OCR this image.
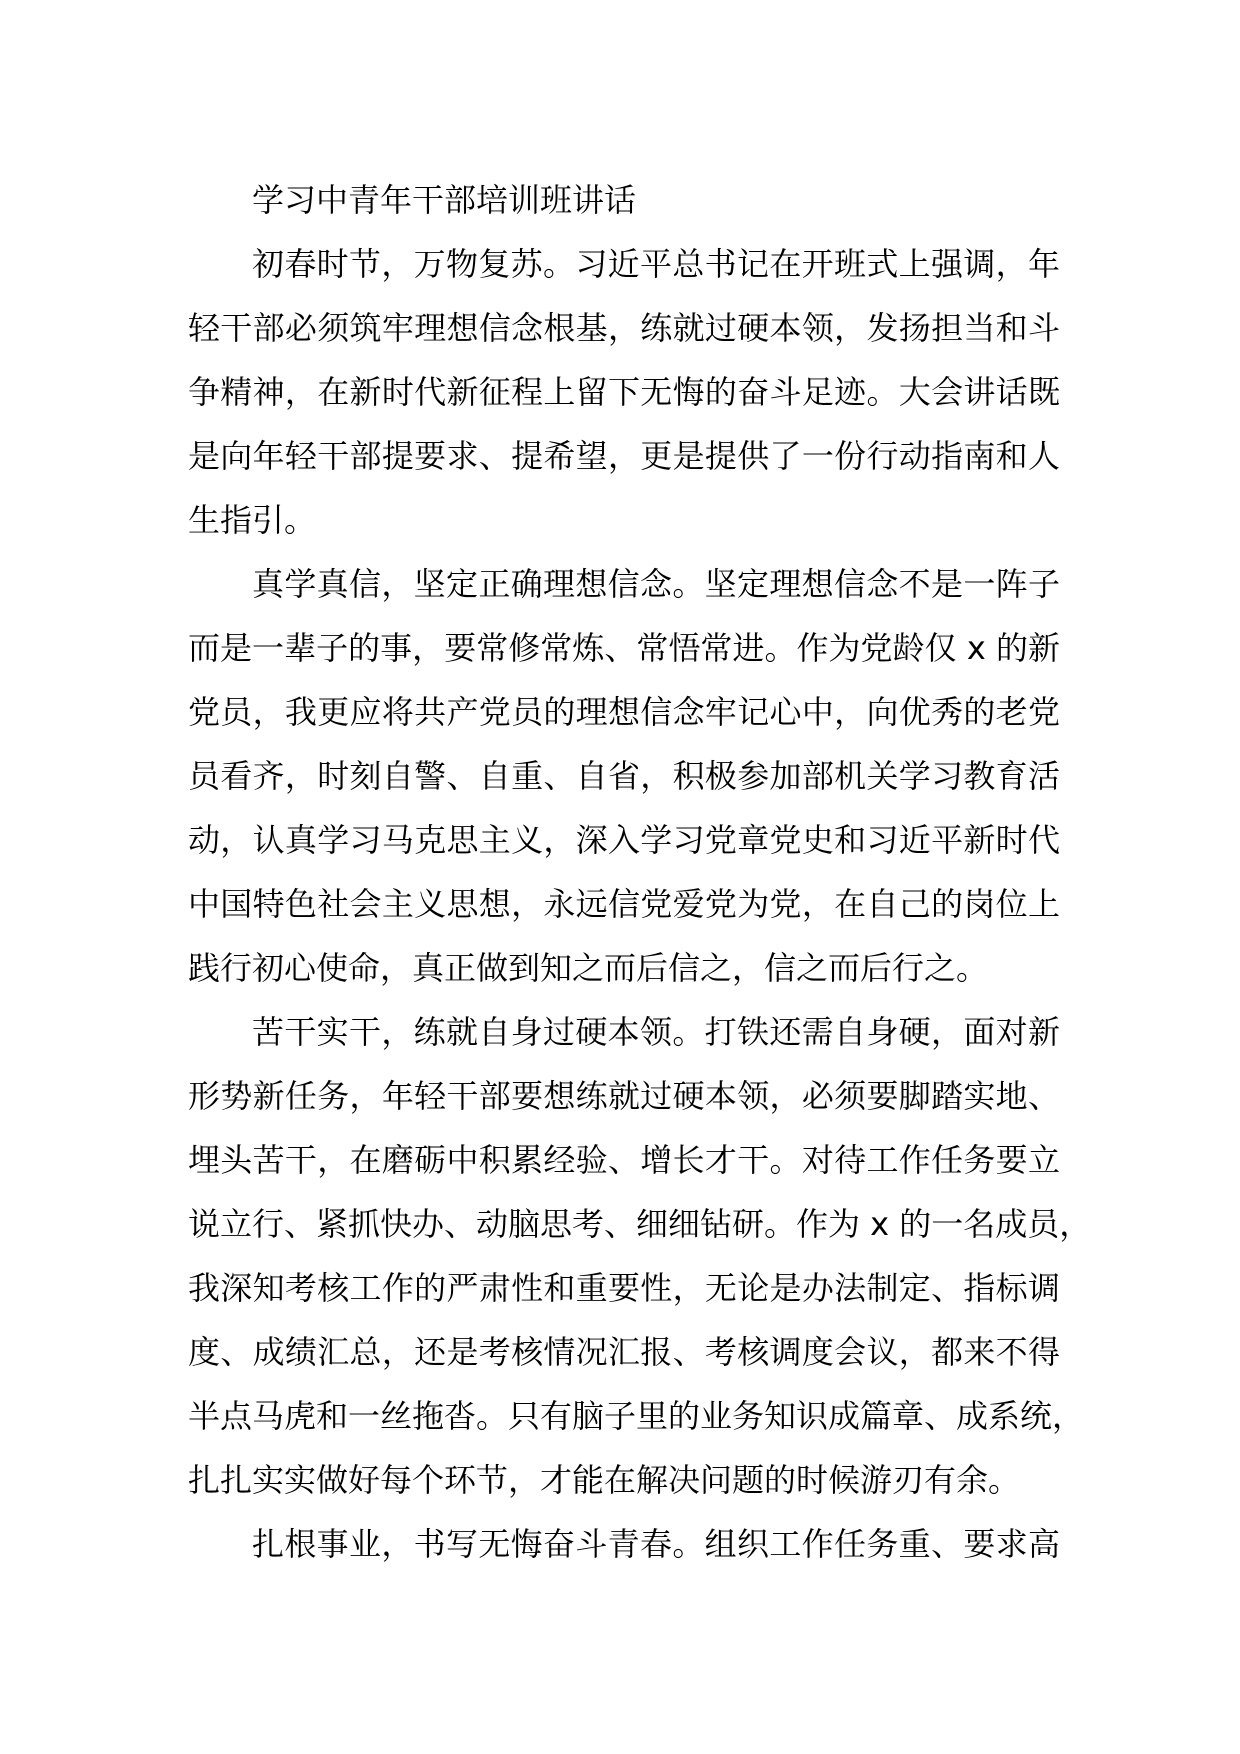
学习中青年干部培训班讲话
初春时节，万物复苏。习近平总书记在开班式上强调，年
轻干部必须筑牢理想信念根基，练就过硬本领，发扬担当和斗
争精神，在新时代新征程上留下无悔的奋斗足迹。大会讲话既
是向年轻干部提要求、提希望，更是提供了一份行动指南和人
生指引。
真学真信，坚定正确理想信念。坚定理想信念不是一阵子
而是一辈子的事，要常修常炼、常悟常进。作为党龄仅 x 的新
党员，我更应将共产党员的理想信念牢记心中，向优秀的老党
员看齐，时刻自警、自重、自省，积极参加部机关学习教育活
动，认真学习马克思主义，深入学习党章党史和习近平新时代
中国特色社会主义思想，永远信党爱党为党，在自己的岗位上
践行初心使命，真正做到知之而后信之，信之而后行之。
苦干实干，练就自身过硬本领。打铁还需自身硬，面对新
形势新任务，年轻干部要想练就过硬本领，必须要脚踏实地、
埋头苦干，在磨砺中积累经验、增长才干。对待工作任务要立
说立行、紧抓快办、动脑思考、细细钻研。作为 x 的一名成员，
我深知考核工作的严肃性和重要性，无论是办法制定、指标调
度、成绩汇总，还是考核情况汇报、考核调度会议，都来不得
半点马虎和一丝拖沓。只有脑子里的业务知识成篇章、成系统，
扎扎实实做好每个环节，才能在解决问题的时候游刃有余。
扎根事业，书写无悔奋斗青春。组织工作任务重、要求高
